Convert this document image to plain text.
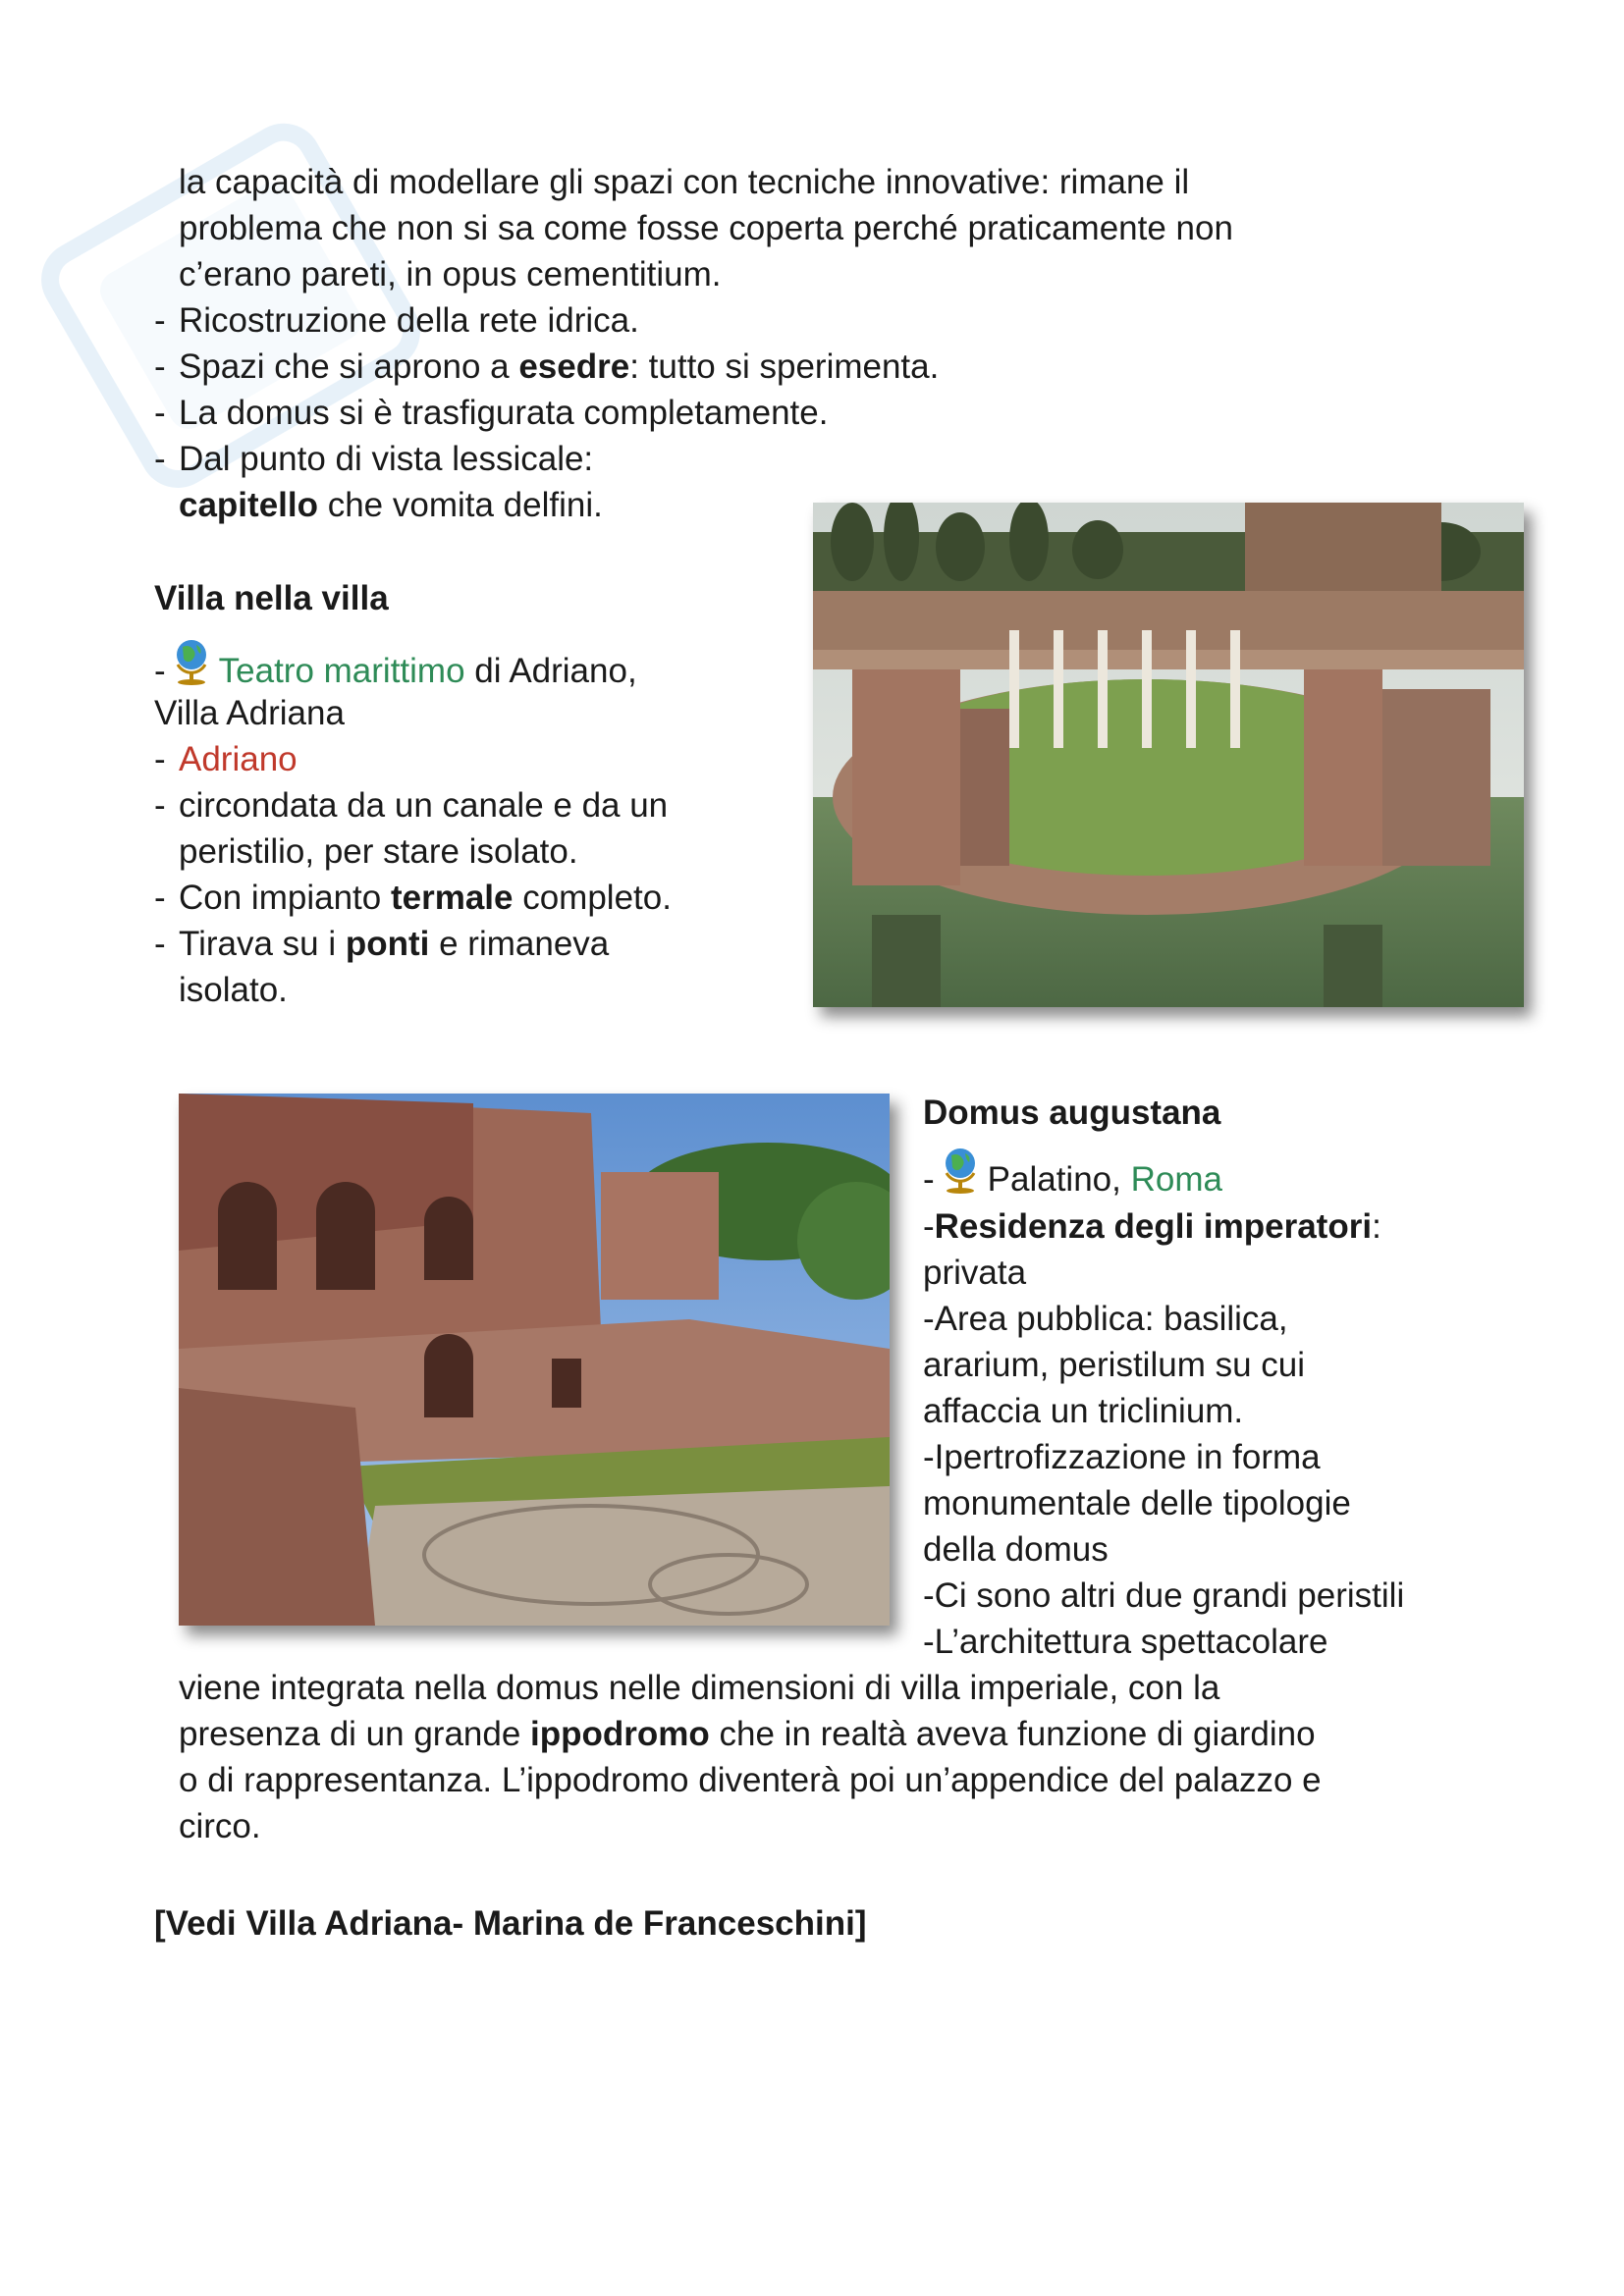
la capacità di modellare gli spazi con tecniche innovative: rimane il
problema che non si sa come fosse coperta perché praticamente non
c’erano pareti, in opus cementitium.
- Ricostruzione della rete idrica.
- Spazi che si aprono a esedre: tutto si sperimenta.
- La domus si è trasfigurata completamente.
- Dal punto di vista lessicale:
capitello che vomita delfini.
Villa nella villa
- Teatro marittimo di Adriano,
Villa Adriana
- Adriano
- circondata da un canale e da un
peristilio, per stare isolato.
- Con impianto termale completo.
- Tirava su i ponti e rimaneva
isolato.
Domus augustana
- Palatino, Roma
-Residenza degli imperatori:
privata
-Area pubblica: basilica,
ararium, peristilum su cui
affaccia un triclinium.
-Ipertrofizzazione in forma
monumentale delle tipologie
della domus
-Ci sono altri due grandi peristili
-L’architettura spettacolare
viene integrata nella domus nelle dimensioni di villa imperiale, con la
presenza di un grande ippodromo che in realtà aveva funzione di giardino
o di rappresentanza. L’ippodromo diventerà poi un’appendice del palazzo e
circo.
[Vedi Villa Adriana- Marina de Franceschini]
